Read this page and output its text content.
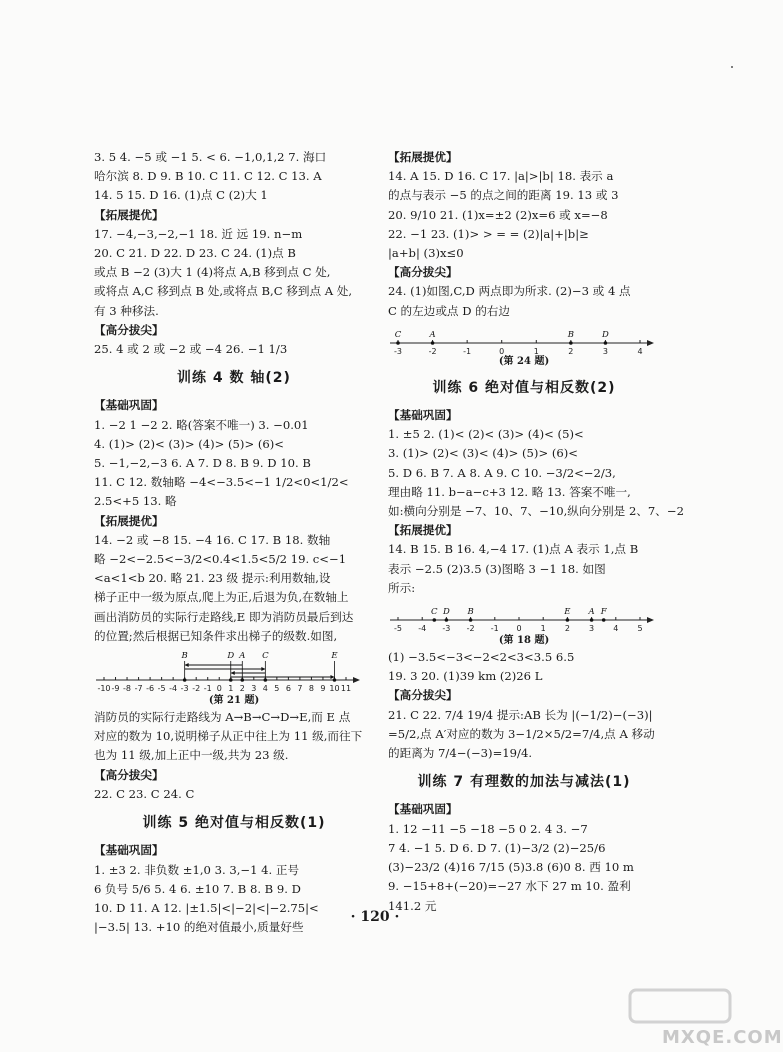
3. 5 4. −5 或 −1 5. < 6. −1,0,1,2 7. 海口
哈尔滨 8. D 9. B 10. C 11. C 12. C 13. A
14. 5 15. D 16. (1)点 C (2)大 1
【拓展提优】
17. −4,−3,−2,−1 18. 近 远 19. n−m
20. C 21. D 22. D 23. C 24. (1)点 B
或点 B −2 (3)大 1 (4)将点 A,B 移到点 C 处,
或将点 A,C 移到点 B 处,或将点 B,C 移到点 A 处,
有 3 种移法.
【高分拔尖】
25. 4 或 2 或 −2 或 −4 26. −1 1/3
训练 4 数 轴(2)
【基础巩固】
1. −2 1 −2 2. 略(答案不唯一) 3. −0.01
4. (1)> (2)< (3)> (4)> (5)> (6)<
5. −1,−2,−3 6. A 7. D 8. B 9. D 10. B
11. C 12. 数轴略 −4<−3.5<−1 1/2<0<1/2<
2.5<+5 13. 略
【拓展提优】
14. −2 或 −8 15. −4 16. C 17. B 18. 数轴
略 −2<−2.5<−3/2<0.4<1.5<5/2 19. c<−1
<a<1<b 20. 略 21. 23 级 提示:利用数轴,设
梯子正中一级为原点,爬上为正,后退为负,在数轴上
画出消防员的实际行走路线,E 即为消防员最后到达
的位置;然后根据已知条件求出梯子的级数.如图,
-10 -9 -8 -7 -6 -5 -4 -3 -2 -1 0 1 2 3 4 5 6 7 8 9 10 11
B	A
D	C	E
(第 21 题)
消防员的实际行走路线为 A→B→C→D→E,而 E 点
对应的数为 10,说明梯子从正中往上为 11 级,而往下
也为 11 级,加上正中一级,共为 23 级.
【高分拔尖】
22. C 23. C 24. C
训练 5 绝对值与相反数(1)
【基础巩固】
1. ±3 2. 非负数 ±1,0 3. 3,−1 4. 正号
6 负号 5/6 5. 4 6. ±10 7. B 8. B 9. D
10. D 11. A 12. |±1.5|<|−2|<|−2.75|<
|−3.5| 13. +10 的绝对值最小,质量好些
【拓展提优】
14. A 15. D 16. C 17. |a|>|b| 18. 表示 a
的点与表示 −5 的点之间的距离 19. 13 或 3
20. 9/10 21. (1)x=±2 (2)x=6 或 x=−8
22. −1 23. (1)> > = = (2)|a|+|b|≥
|a+b| (3)x≤0
【高分拔尖】
24. (1)如图,C,D 两点即为所求. (2)−3 或 4 点
C 的左边或点 D 的右边
-3	-2	-1	0	1	2	3	4
C	A	B	D
(第 24 题)
训练 6 绝对值与相反数(2)
【基础巩固】
1. ±5 2. (1)< (2)< (3)> (4)< (5)<
3. (1)> (2)< (3)< (4)> (5)> (6)<
5. D 6. B 7. A 8. A 9. C 10. −3/2<−2/3,
理由略 11. b−a−c+3 12. 略 13. 答案不唯一,
如:横向分别是 −7、10、7、−10,纵向分别是 2、7、−2
【拓展提优】
14. B 15. B 16. 4,−4 17. (1)点 A 表示 1,点 B
表示 −2.5 (2)3.5 (3)图略 3 −1 18. 如图
所示:
-5 -4 -3 -2 -1 0 1 2 3 4 5
C D B	E A F
(第 18 题)
(1) −3.5<−3<−2<2<3<3.5 6.5
19. 3 20. (1)39 km (2)26 L
【高分拔尖】
21. C 22. 7/4 19/4 提示:AB 长为 |(−1/2)−(−3)|
=5/2,点 A′对应的数为 3−1/2×5/2=7/4,点 A 移动
的距离为 7/4−(−3)=19/4.
训练 7 有理数的加法与减法(1)
【基础巩固】
1. 12 −11 −5 −18 −5 0 2. 4 3. −7
7 4. −1 5. D 6. D 7. (1)−3/2 (2)−25/6
(3)−23/2 (4)16 7/15 (5)3.8 (6)0 8. 西 10 m
9. −15+8+(−20)=−27 水下 27 m 10. 盈利
141.2 元
· 120 ·
MXQE.COM
